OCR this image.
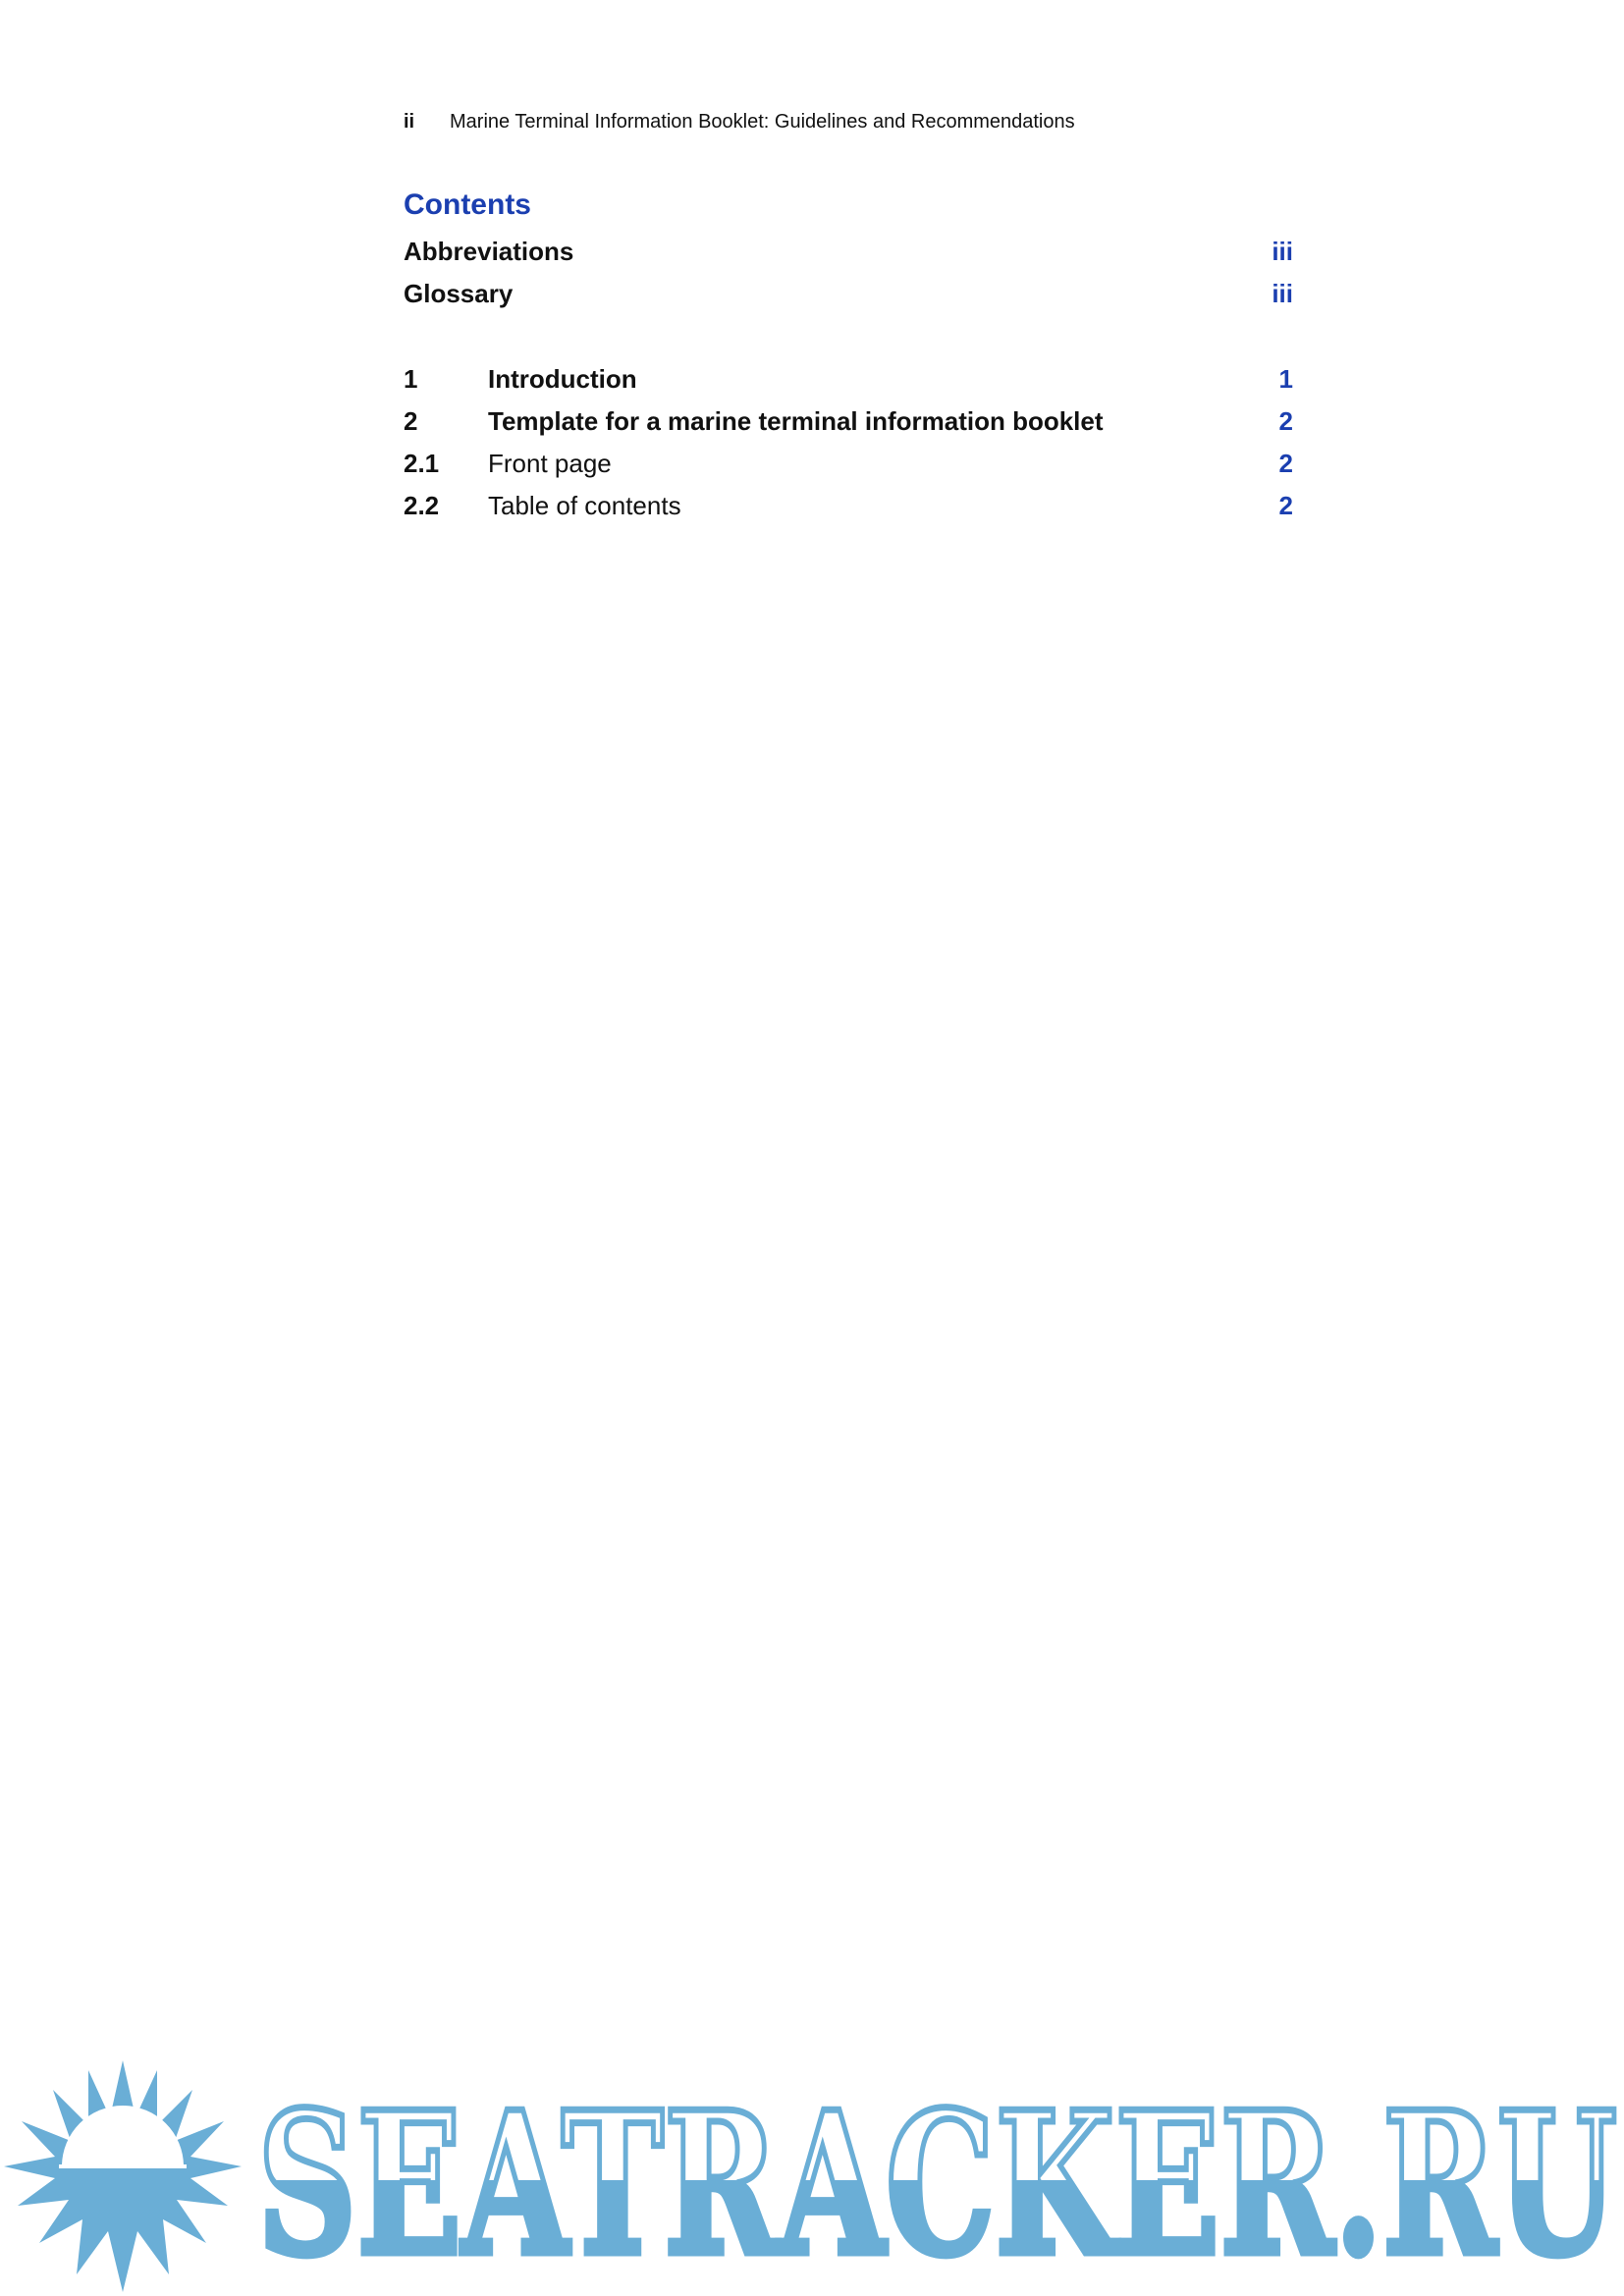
ii	Marine Terminal Information Booklet: Guidelines and Recommendations
Contents
Abbreviations	iii
Glossary	iii
1	Introduction	1
2	Template for a marine terminal information booklet	2
2.1	Front page	2
2.2	Table of contents	2
SEATRACKER.RU
